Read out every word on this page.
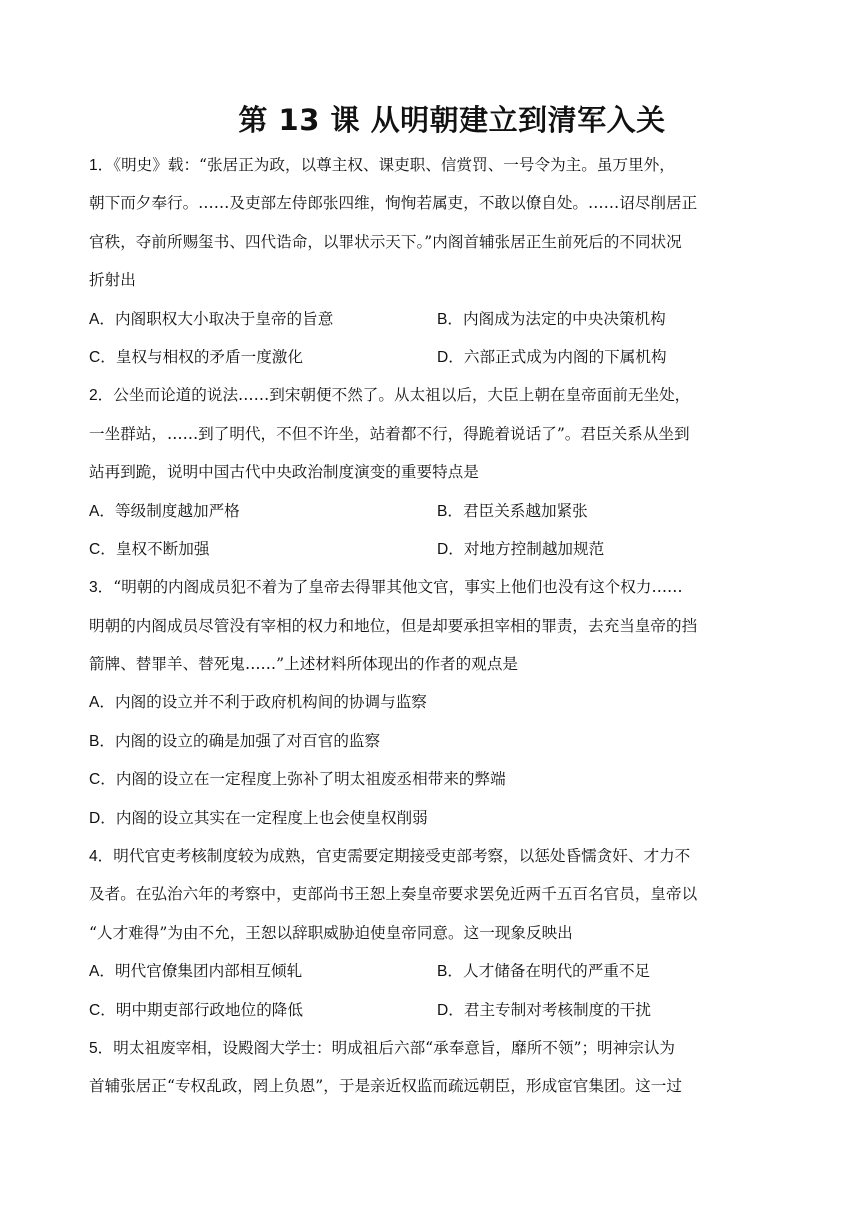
第 13 课 从明朝建立到清军入关
1．《明史》载：“张居正为政，以尊主权、课吏职、信赏罚、一号令为主。虽万里外，
朝下而夕奉行。……及吏部左侍郎张四维，恂恂若属吏，不敢以僚自处。……诏尽削居正
官秩，夺前所赐玺书、四代诰命，以罪状示天下。”内阁首辅张居正生前死后的不同状况
折射出
A．内阁职权大小取决于皇帝的旨意	B．内阁成为法定的中央决策机构
C．皇权与相权的矛盾一度激化	D．六部正式成为内阁的下属机构
2．公坐而论道的说法……到宋朝便不然了。从太祖以后，大臣上朝在皇帝面前无坐处，
一坐群站，……到了明代，不但不许坐，站着都不行，得跪着说话了”。君臣关系从坐到
站再到跪，说明中国古代中央政治制度演变的重要特点是
A．等级制度越加严格	B．君臣关系越加紧张
C．皇权不断加强	D．对地方控制越加规范
3．“明朝的内阁成员犯不着为了皇帝去得罪其他文官，事实上他们也没有这个权力……
明朝的内阁成员尽管没有宰相的权力和地位，但是却要承担宰相的罪责，去充当皇帝的挡
箭牌、替罪羊、替死鬼……”上述材料所体现出的作者的观点是
A．内阁的设立并不利于政府机构间的协调与监察
B．内阁的设立的确是加强了对百官的监察
C．内阁的设立在一定程度上弥补了明太祖废丞相带来的弊端
D．内阁的设立其实在一定程度上也会使皇权削弱
4．明代官吏考核制度较为成熟，官吏需要定期接受吏部考察，以惩处昏懦贪奸、才力不
及者。在弘治六年的考察中，吏部尚书王恕上奏皇帝要求罢免近两千五百名官员，皇帝以
“人才难得”为由不允，王恕以辞职威胁迫使皇帝同意。这一现象反映出
A．明代官僚集团内部相互倾轧	B．人才储备在明代的严重不足
C．明中期吏部行政地位的降低	D．君主专制对考核制度的干扰
5．明太祖废宰相，设殿阁大学士：明成祖后六部“承奉意旨，靡所不领”；明神宗认为
首辅张居正“专权乱政，罔上负恩”，于是亲近权监而疏远朝臣，形成宦官集团。这一过
